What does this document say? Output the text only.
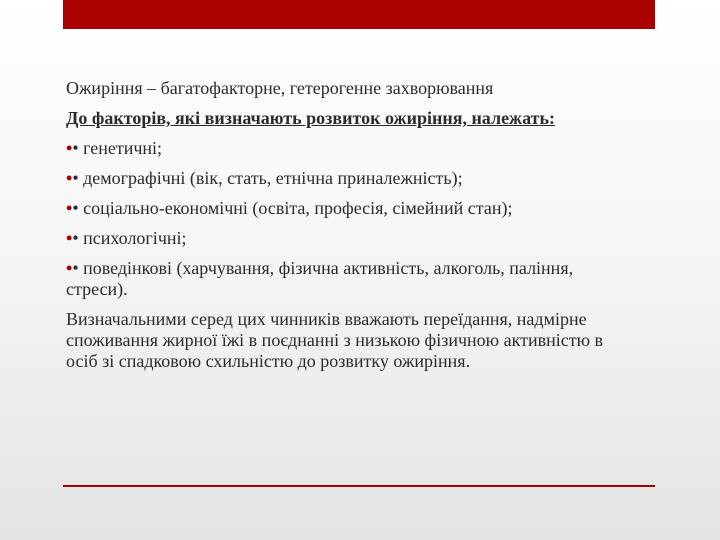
Ожиріння – багатофакторне, гетерогенне захворювання

До факторів, які визначають розвиток ожиріння, належать:

•• генетичні;
•• демографічні (вік, стать, етнічна приналежність);
•• соціально-економічні (освіта, професія, сімейний стан);
•• психологічні;
•• поведінкові (харчування, фізична активність, алкоголь, паління, стреси).

Визначальними серед цих чинників вважають переїдання, надмірне споживання жирної їжі в поєднанні з низькою фізичною активністю в осіб зі спадковою схильністю до розвитку ожиріння.
